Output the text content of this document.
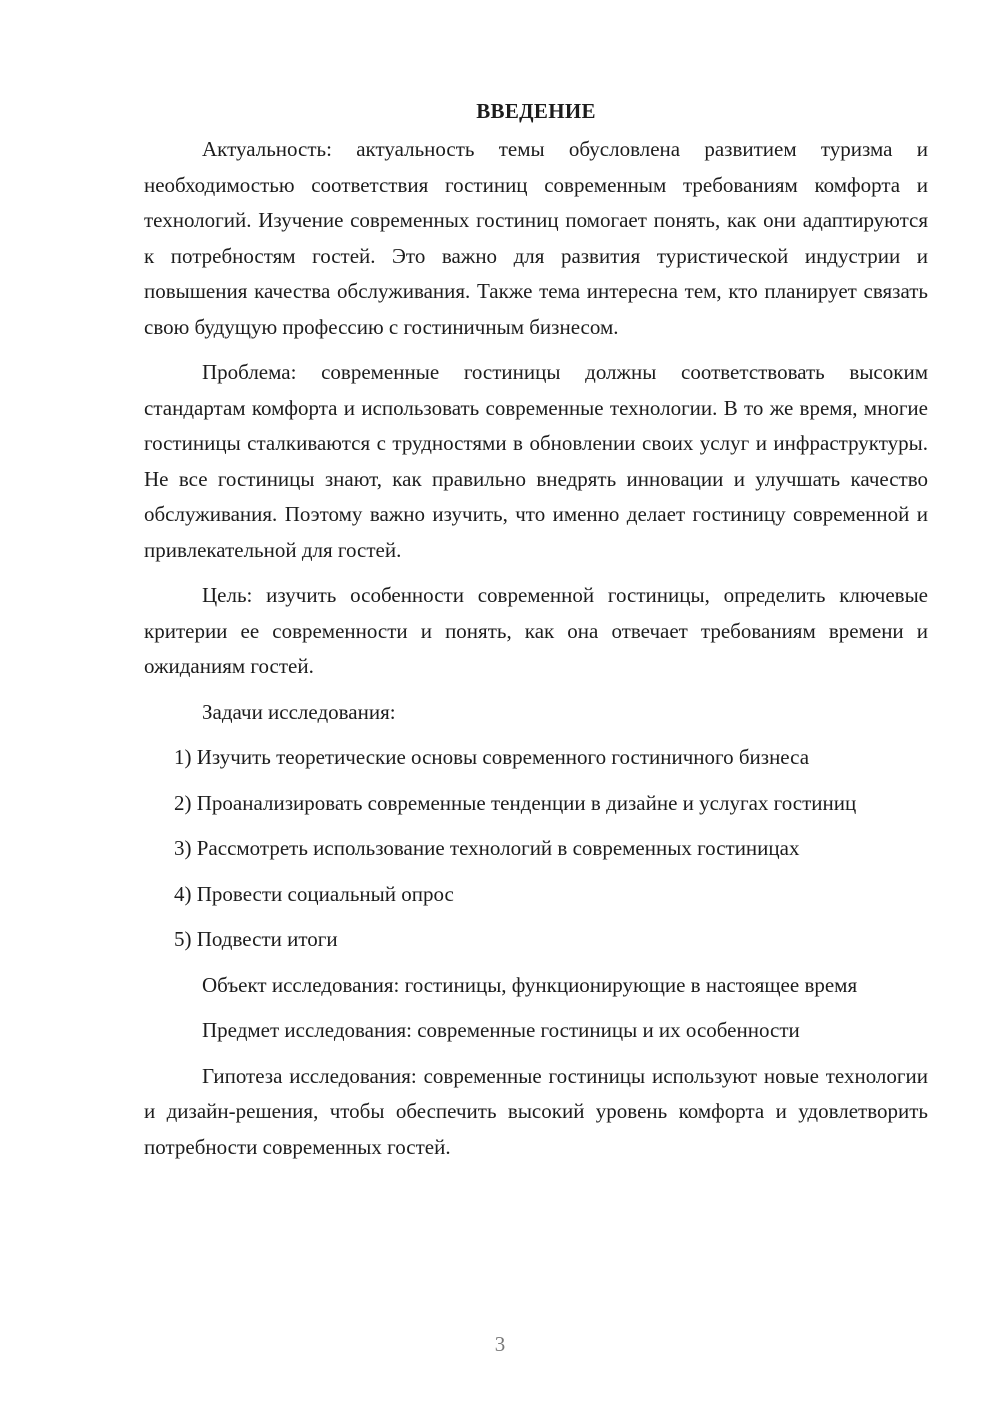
ВВЕДЕНИЕ

Актуальность: актуальность темы обусловлена развитием туризма и необходимостью соответствия гостиниц современным требованиям комфорта и технологий. Изучение современных гостиниц помогает понять, как они адаптируются к потребностям гостей. Это важно для развития туристической индустрии и повышения качества обслуживания. Также тема интересна тем, кто планирует связать свою будущую профессию с гостиничным бизнесом.

Проблема: современные гостиницы должны соответствовать высоким стандартам комфорта и использовать современные технологии. В то же время, многие гостиницы сталкиваются с трудностями в обновлении своих услуг и инфраструктуры. Не все гостиницы знают, как правильно внедрять инновации и улучшать качество обслуживания. Поэтому важно изучить, что именно делает гостиницу современной и привлекательной для гостей.

Цель: изучить особенности современной гостиницы, определить ключевые критерии ее современности и понять, как она отвечает требованиям времени и ожиданиям гостей.

Задачи исследования:

1) Изучить теоретические основы современного гостиничного бизнеса

2) Проанализировать современные тенденции в дизайне и услугах гостиниц

3) Рассмотреть использование технологий в современных гостиницах

4) Провести социальный опрос

5) Подвести итоги

Объект исследования: гостиницы, функционирующие в настоящее время

Предмет исследования: современные гостиницы и их особенности

Гипотеза исследования: современные гостиницы используют новые технологии и дизайн-решения, чтобы обеспечить высокий уровень комфорта и удовлетворить потребности современных гостей.

3
